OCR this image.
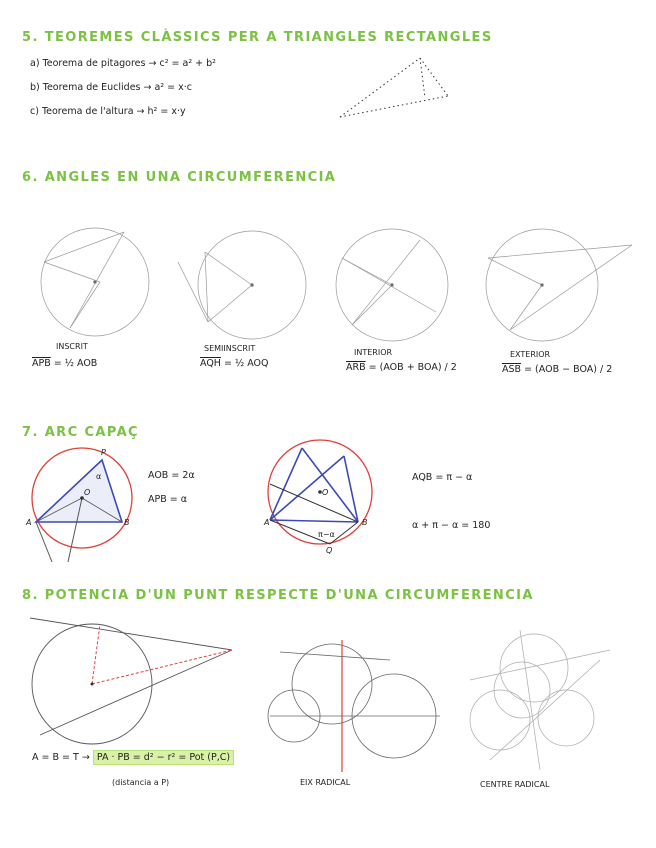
5. TEOREMES CLÀSSICS PER A TRIANGLES RECTANGLES
a) Teorema de pitagores → c² = a² + b²
b) Teorema de Euclides → a² = x·c
c) Teorema de l'altura → h² = x·y
6. ANGLES EN UNA CIRCUMFERENCIA
INSCRIT
$\overline{APB}$ = ½ AOB
SEMIINSCRIT
$\overline{AQH}$ = ½ AOQ
INTERIOR
$\overline{ARB} = (AOB + BOA) / 2$
EXTERIOR
$\overline{ASB} = (AOB - BOA) / 2$
7. ARC CAPAÇ
P
O
A	B
α	AOB = 2α
APB = α
A	B
Q
O
π−α
AQB = π − α
α + π − α = 180
8. POTENCIA D'UN PUNT RESPECTE D'UNA CIRCUMFERENCIA
A = B = T → PA · PB = d² − r² = Pot (P,C)
(distancia a P)	EIX RADICAL	CENTRE RADICAL
